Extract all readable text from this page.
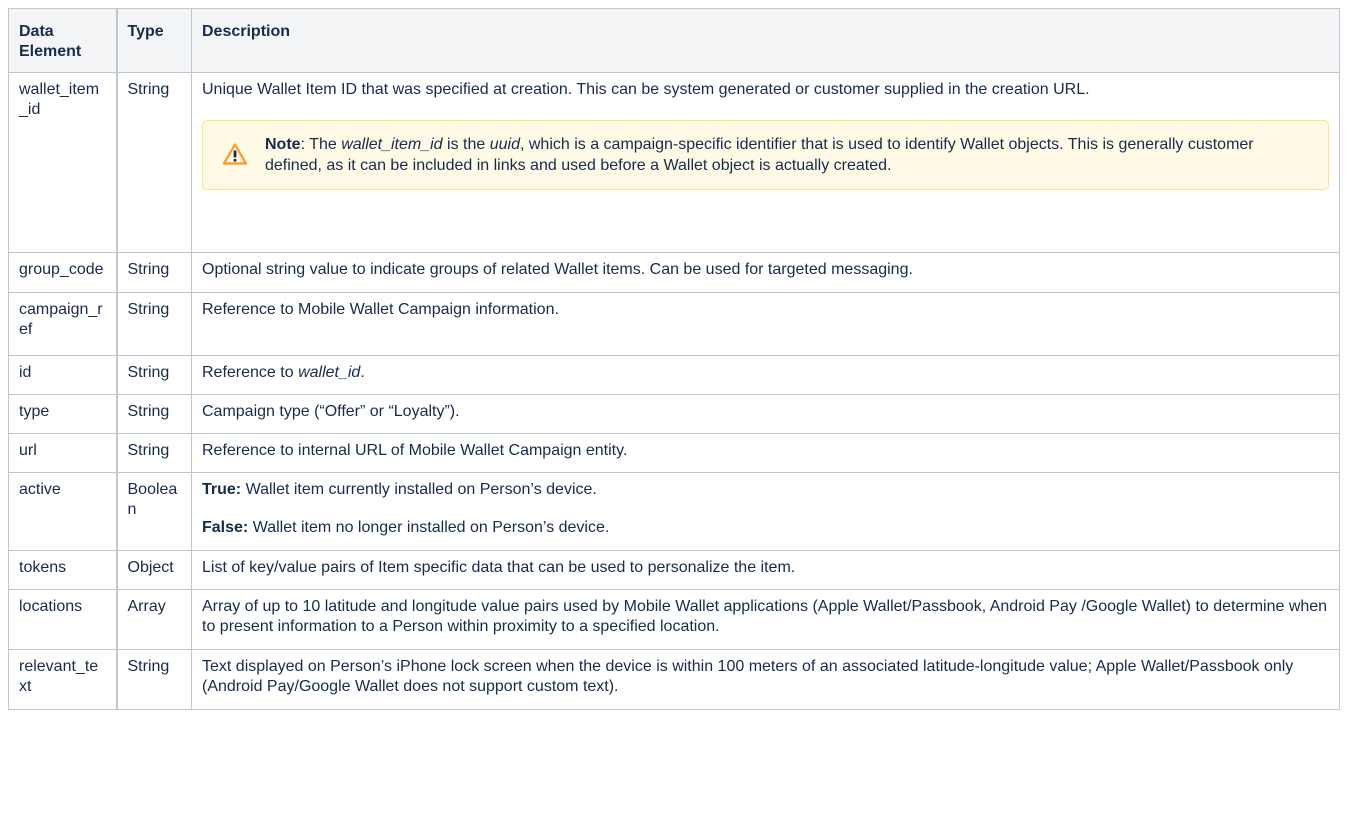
Data Element	Type	Description
wallet_item_id	String	Unique Wallet Item ID that was specified at creation. This can be system generated or customer supplied in the creation URL.

Note: The wallet_item_id is the uuid, which is a campaign-specific identifier that is used to identify Wallet objects. This is generally customer defined, as it can be included in links and used before a Wallet object is actually created.

group_code	String	Optional string value to indicate groups of related Wallet items. Can be used for targeted messaging.
campaign_ref	String	Reference to Mobile Wallet Campaign information.
id	String	Reference to wallet_id.
type	String	Campaign type (“Offer” or “Loyalty”).
url	String	Reference to internal URL of Mobile Wallet Campaign entity.
active	Boolean	True: Wallet item currently installed on Person’s device.

False: Wallet item no longer installed on Person’s device.

tokens	Object	List of key/value pairs of Item specific data that can be used to personalize the item.
locations	Array	Array of up to 10 latitude and longitude value pairs used by Mobile Wallet applications (Apple Wallet/Passbook, Android Pay /Google Wallet) to determine when to present information to a Person within proximity to a specified location.
relevant_text	String	Text displayed on Person’s iPhone lock screen when the device is within 100 meters of an associated latitude-longitude value; Apple Wallet/Passbook only (Android Pay/Google Wallet does not support custom text).
